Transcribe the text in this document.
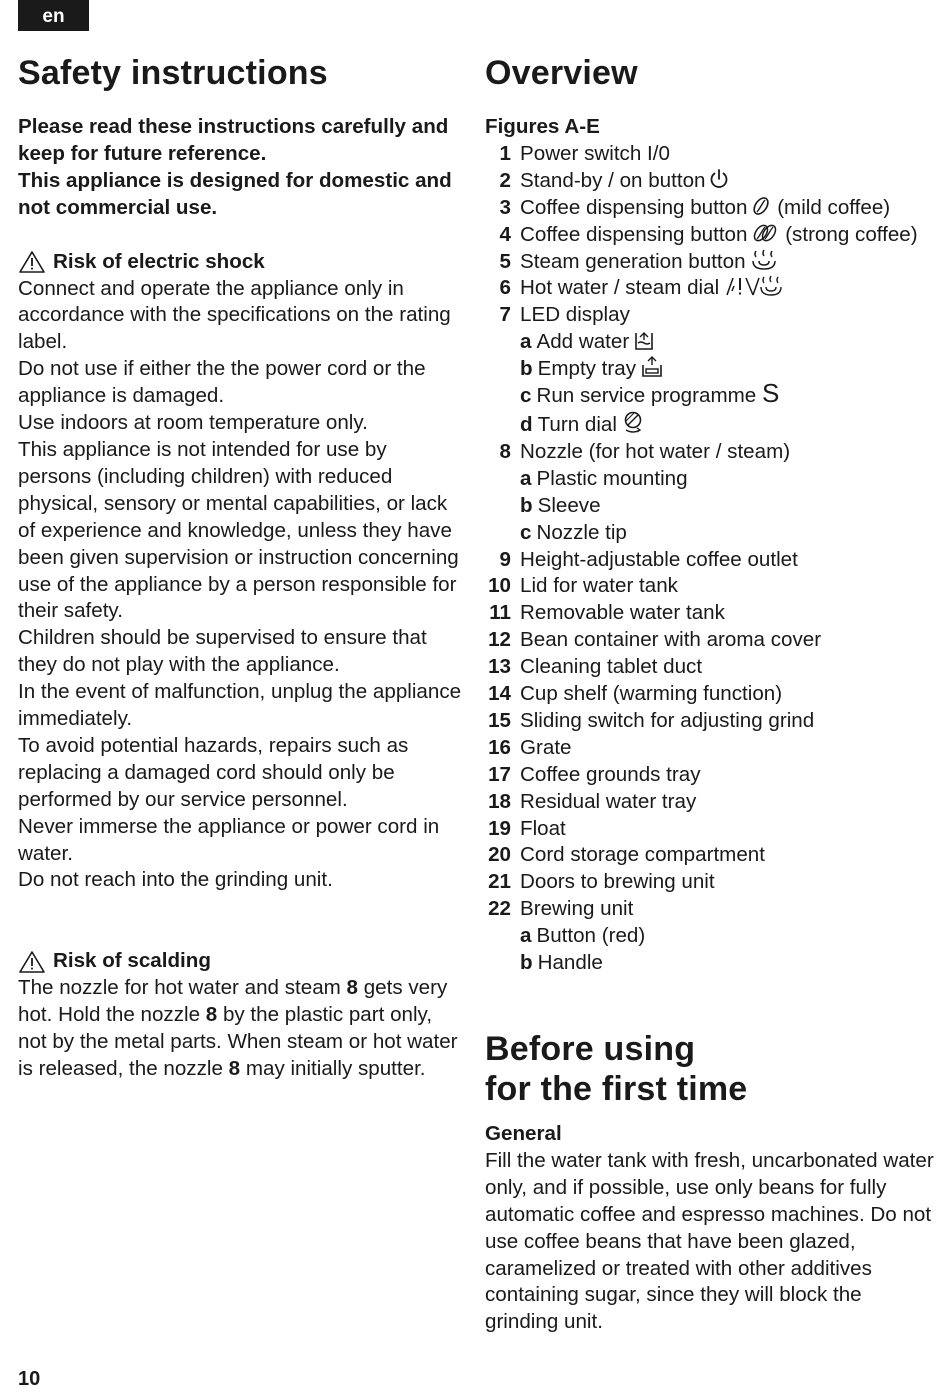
en
Safety instructions

Please read these instructions carefully and keep for future reference.

This appliance is designed for domestic and not commercial use.

Risk of electric shock

Connect and operate the appliance only in accordance with the specifications on the rating label.

Do not use if either the the power cord or the appliance is damaged.

Use indoors at room temperature only.

This appliance is not intended for use by persons (including children) with reduced physical, sensory or mental capabilities, or lack of experience and knowledge, unless they have been given supervision or instruction concerning use of the appliance by a person responsible for their safety.

Children should be supervised to ensure that they do not play with the appliance.

In the event of malfunction, unplug the appliance immediately.

To avoid potential hazards, repairs such as replacing a damaged cord should only be performed by our service personnel.

Never immerse the appliance or power cord in water.

Do not reach into the grinding unit.

Risk of scalding

The nozzle for hot water and steam 8 gets very hot. Hold the nozzle 8 by the plastic part only, not by the metal parts. When steam or hot water is released, the nozzle 8 may initially sputter.

Overview
Figures A-E
1 Power switch I/0
2 Stand-by / on button
3 Coffee dispensing button (mild coffee)
4 Coffee dispensing button (strong coffee)
5 Steam generation button
6 Hot water / steam dial
7 LED display
a Add water
b Empty tray
c Run service programme S
d Turn dial
8 Nozzle (for hot water / steam)
a Plastic mounting
b Sleeve
c Nozzle tip
9 Height-adjustable coffee outlet
10 Lid for water tank
11 Removable water tank
12 Bean container with aroma cover
13 Cleaning tablet duct
14 Cup shelf (warming function)
15 Sliding switch for adjusting grind
16 Grate
17 Coffee grounds tray
18 Residual water tray
19 Float
20 Cord storage compartment
21 Doors to brewing unit
22 Brewing unit
a Button (red)
b Handle
Before using
for the first time
General

Fill the water tank with fresh, uncarbonated water only, and if possible, use only beans for fully automatic coffee and espresso machines. Do not use coffee beans that have been glazed, caramelized or treated with other additives containing sugar, since they will block the grinding unit.

10
